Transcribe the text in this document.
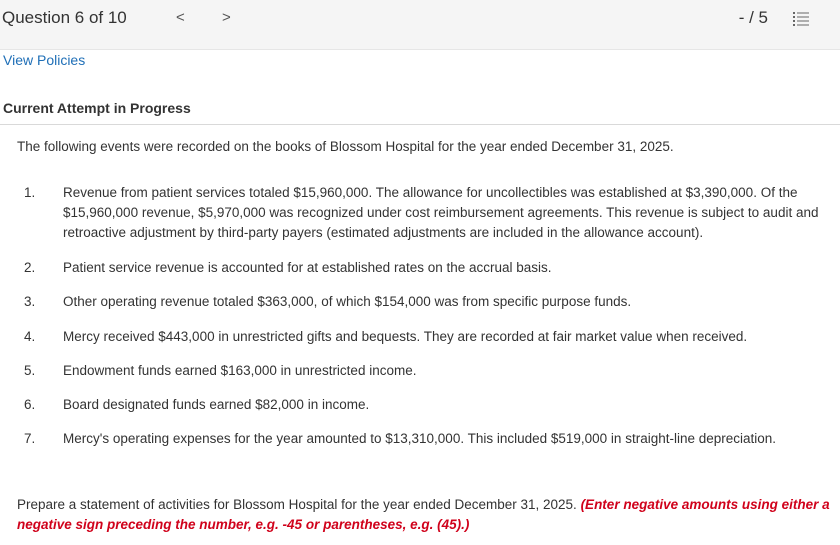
Question 6 of 10	< >	- / 5
View Policies
Current Attempt in Progress
The following events were recorded on the books of Blossom Hospital for the year ended December 31, 2025.
1. Revenue from patient services totaled $15,960,000. The allowance for uncollectibles was established at $3,390,000. Of the $15,960,000 revenue, $5,970,000 was recognized under cost reimbursement agreements. This revenue is subject to audit and retroactive adjustment by third-party payers (estimated adjustments are included in the allowance account).
2. Patient service revenue is accounted for at established rates on the accrual basis.
3. Other operating revenue totaled $363,000, of which $154,000 was from specific purpose funds.
4. Mercy received $443,000 in unrestricted gifts and bequests. They are recorded at fair market value when received.
5. Endowment funds earned $163,000 in unrestricted income.
6. Board designated funds earned $82,000 in income.
7. Mercy's operating expenses for the year amounted to $13,310,000. This included $519,000 in straight-line depreciation.
Prepare a statement of activities for Blossom Hospital for the year ended December 31, 2025. (Enter negative amounts using either a negative sign preceding the number, e.g. -45 or parentheses, e.g. (45).)
